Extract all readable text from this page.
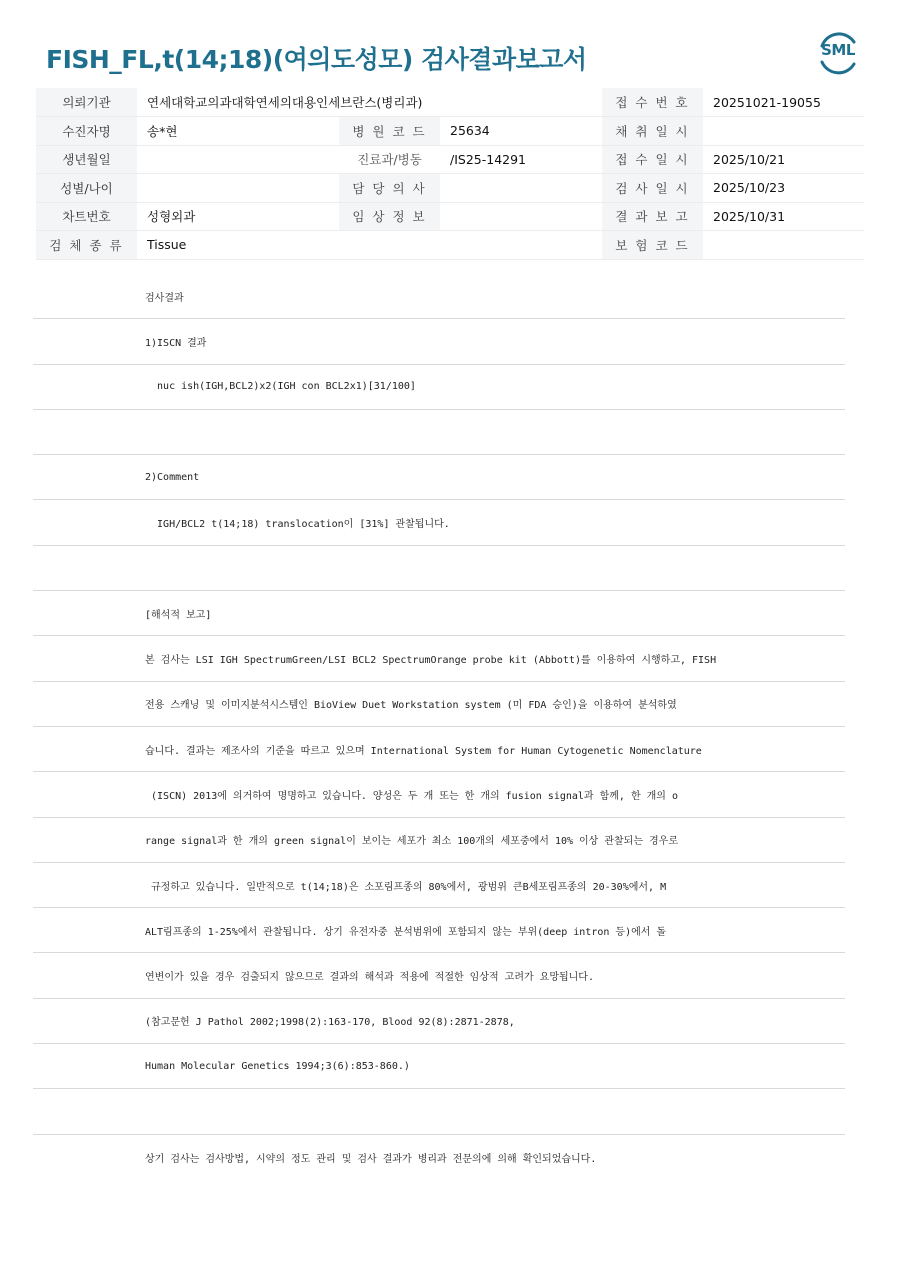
FISH_FL,t(14;18)(여의도성모) 검사결과보고서	SML
의뢰기관	연세대학교의과대학연세의대용인세브란스(병리과)			접 수 번 호	20251021-19055
수진자명	송*현	병 원 코 드	25634	채 취 일 시	
생년월일		진료과/병동	/IS25-14291	접 수 일 시	2025/10/21
성별/나이		담 당 의 사		검 사 일 시	2025/10/23
차트번호	성형외과	임 상 정 보		결 과 보 고	2025/10/31
검 체 종 류	Tissue			보 험 코 드	
검사결과
1)ISCN 결과
nuc ish(IGH,BCL2)x2(IGH con BCL2x1)[31/100]
2)Comment
IGH/BCL2 t(14;18) translocation이 [31%] 관찰됩니다.
[해석적 보고]
본 검사는 LSI IGH SpectrumGreen/LSI BCL2 SpectrumOrange probe kit (Abbott)를 이용하여 시행하고, FISH
전용 스캐닝 및 이미지분석시스템인 BioView Duet Workstation system (미 FDA 승인)을 이용하여 분석하였
습니다. 결과는 제조사의 기준을 따르고 있으며 International System for Human Cytogenetic Nomenclature
(ISCN) 2013에 의거하여 명명하고 있습니다. 양성은 두 개 또는 한 개의 fusion signal과 함께, 한 개의 o
range signal과 한 개의 green signal이 보이는 세포가 최소 100개의 세포중에서 10% 이상 관찰되는 경우로
규정하고 있습니다. 일반적으로 t(14;18)은 소포림프종의 80%에서, 광범위 큰B세포림프종의 20-30%에서, M
ALT림프종의 1-25%에서 관찰됩니다. 상기 유전자중 분석범위에 포함되지 않는 부위(deep intron 등)에서 돌
연변이가 있을 경우 검출되지 않으므로 결과의 해석과 적용에 적절한 임상적 고려가 요망됩니다.
(참고문헌 J Pathol 2002;1998(2):163-170, Blood 92(8):2871-2878,
Human Molecular Genetics 1994;3(6):853-860.)
상기 검사는 검사방법, 시약의 정도 관리 및 검사 결과가 병리과 전문의에 의해 확인되었습니다.
